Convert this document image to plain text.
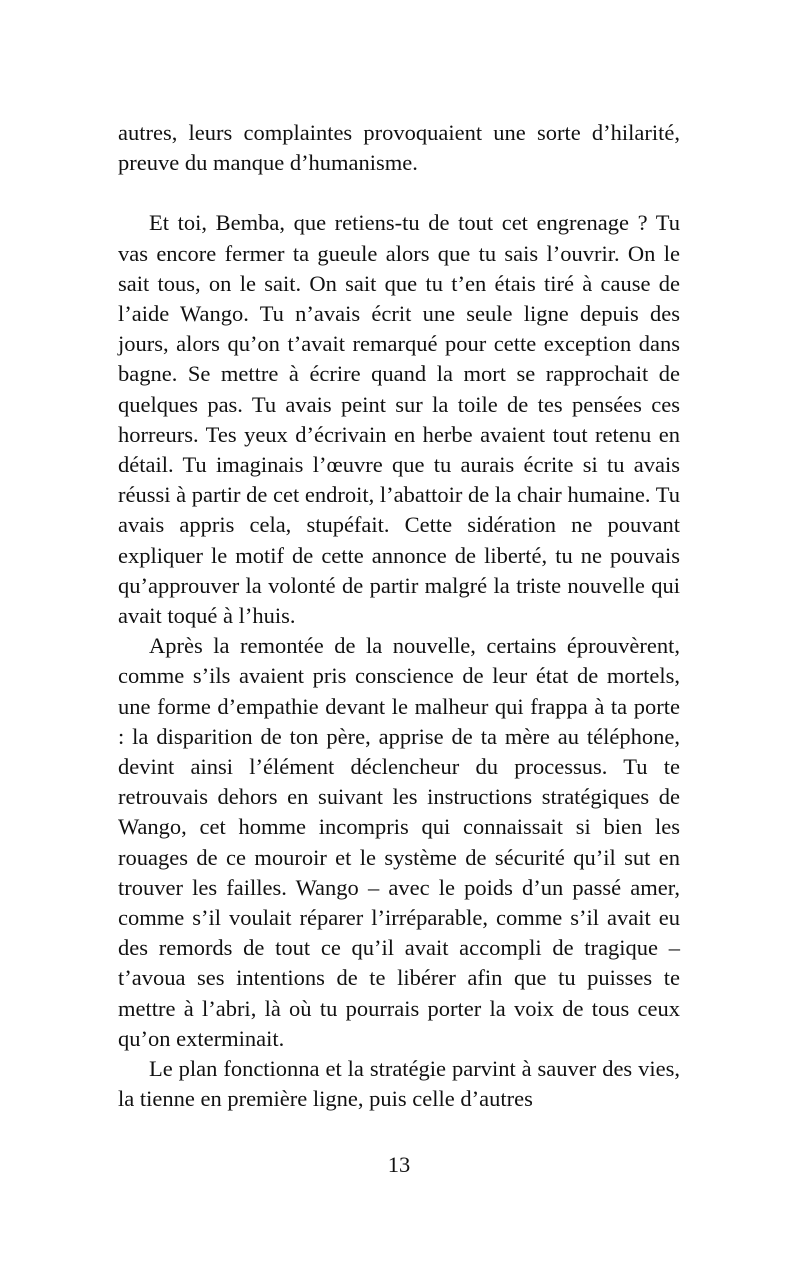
autres, leurs complaintes provoquaient une sorte d’hilarité, preuve du manque d’humanisme.

Et toi, Bemba, que retiens-tu de tout cet engrenage ? Tu vas encore fermer ta gueule alors que tu sais l’ouvrir. On le sait tous, on le sait. On sait que tu t’en étais tiré à cause de l’aide Wango. Tu n’avais écrit une seule ligne depuis des jours, alors qu’on t’avait remarqué pour cette exception dans bagne. Se mettre à écrire quand la mort se rapprochait de quelques pas. Tu avais peint sur la toile de tes pensées ces horreurs. Tes yeux d’écrivain en herbe avaient tout retenu en détail. Tu imaginais l’œuvre que tu aurais écrite si tu avais réussi à partir de cet endroit, l’abattoir de la chair humaine. Tu avais appris cela, stupéfait. Cette sidération ne pouvant expliquer le motif de cette annonce de liberté, tu ne pouvais qu’approuver la volonté de partir malgré la triste nouvelle qui avait toqué à l’huis.

Après la remontée de la nouvelle, certains éprouvèrent, comme s’ils avaient pris conscience de leur état de mortels, une forme d’empathie devant le malheur qui frappa à ta porte : la disparition de ton père, apprise de ta mère au téléphone, devint ainsi l’élément déclencheur du processus. Tu te retrouvais dehors en suivant les instructions stratégiques de Wango, cet homme incompris qui connaissait si bien les rouages de ce mouroir et le système de sécurité qu’il sut en trouver les failles. Wango – avec le poids d’un passé amer, comme s’il voulait réparer l’irréparable, comme s’il avait eu des remords de tout ce qu’il avait accompli de tragique – t’avoua ses intentions de te libérer afin que tu puisses te mettre à l’abri, là où tu pourrais porter la voix de tous ceux qu’on exterminait.

Le plan fonctionna et la stratégie parvint à sauver des vies, la tienne en première ligne, puis celle d’autres

13
